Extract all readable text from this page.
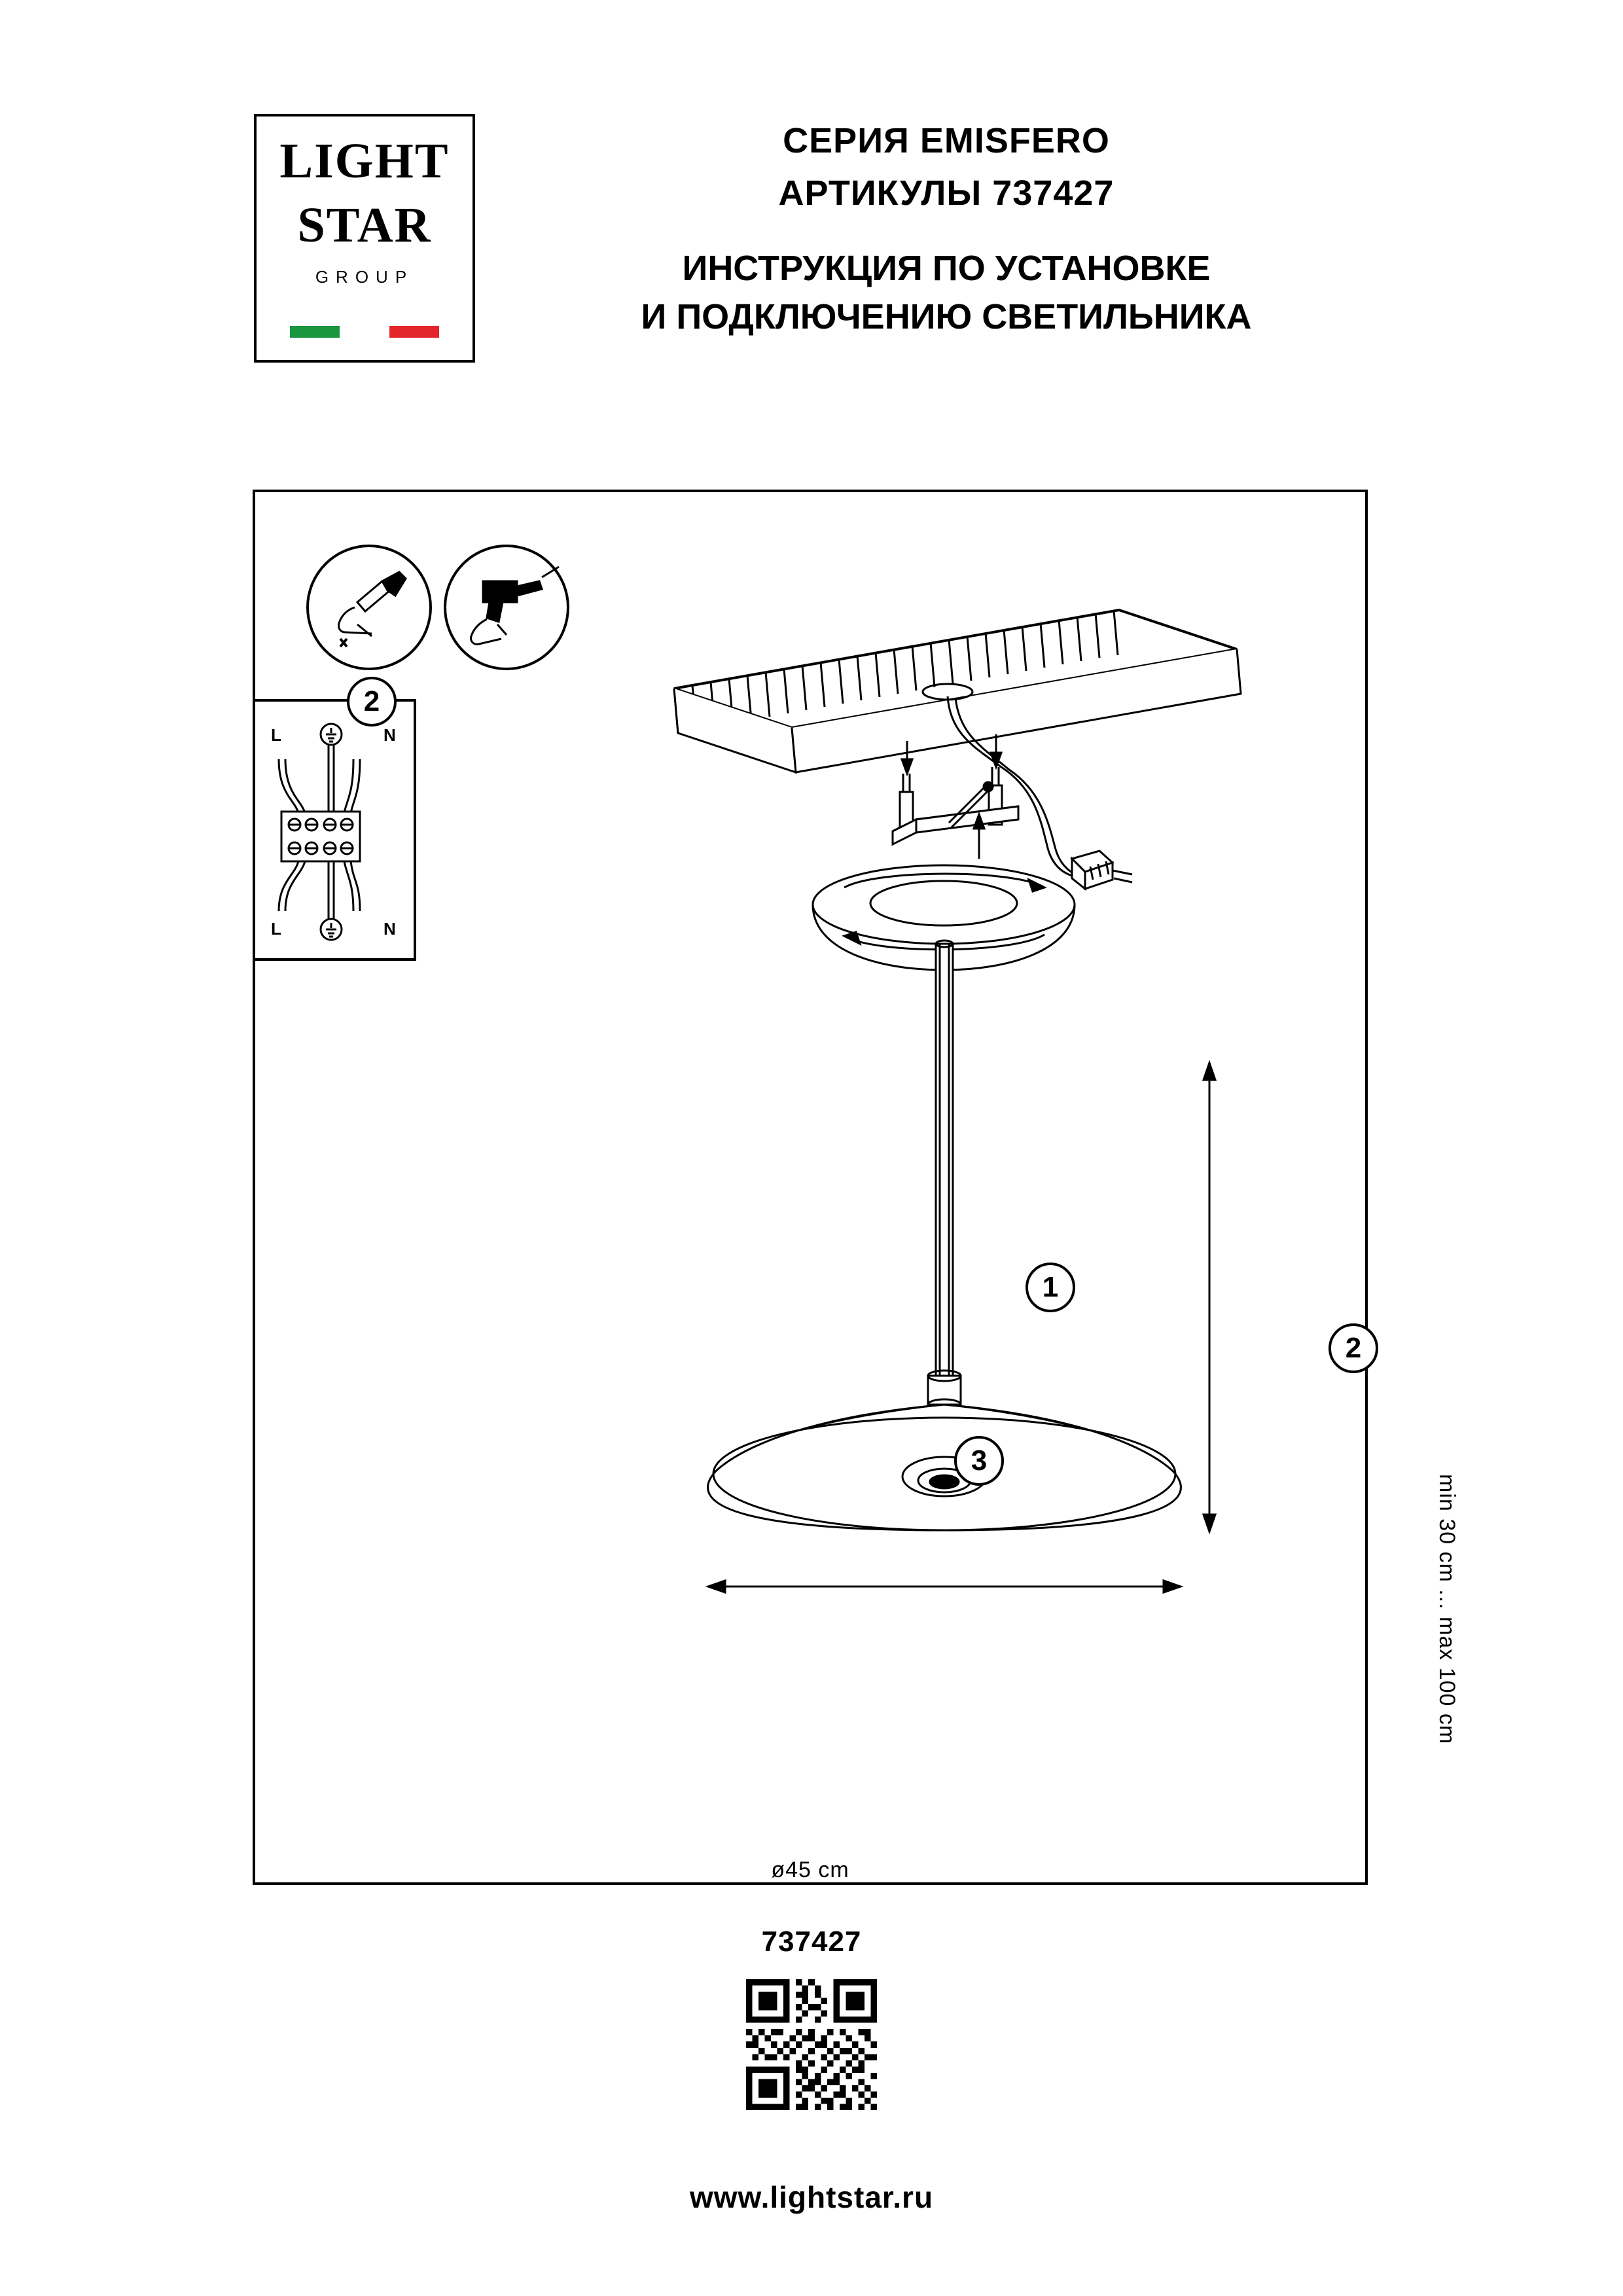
LIGHT
STAR
GROUP
СЕРИЯ EMISFERO
АРТИКУЛЫ 737427
ИНСТРУКЦИЯ ПО УСТАНОВКЕ
И ПОДКЛЮЧЕНИЮ СВЕТИЛЬНИКА
2
L	N
L	N
1
2
3
min 30 cm ... max 100 cm
ø45 cm
737427
www.lightstar.ru
